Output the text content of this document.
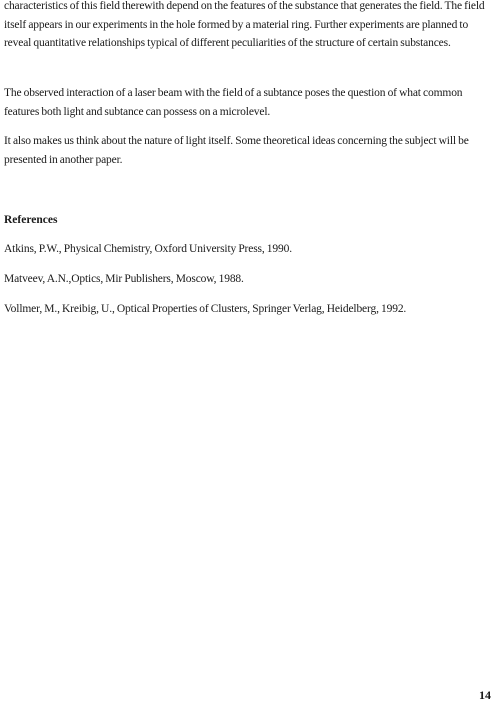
characteristics of this field therewith depend on the features of the substance that generates the field. The field itself appears in our experiments in the hole formed by a material ring. Further experiments are planned to reveal quantitative relationships typical of different peculiarities of the structure of certain substances.

The observed interaction of a laser beam with the field of a subtance poses the question of what common features both light and subtance can possess on a microlevel.

It also makes us think about the nature of light itself. Some theoretical ideas concerning the subject will be presented in another paper.

References

Atkins, P.W., Physical Chemistry, Oxford University Press, 1990.

Matveev, A.N.,Optics, Mir Publishers, Moscow, 1988.

Vollmer, M., Kreibig, U., Optical Properties of Clusters, Springer Verlag, Heidelberg, 1992.

14
